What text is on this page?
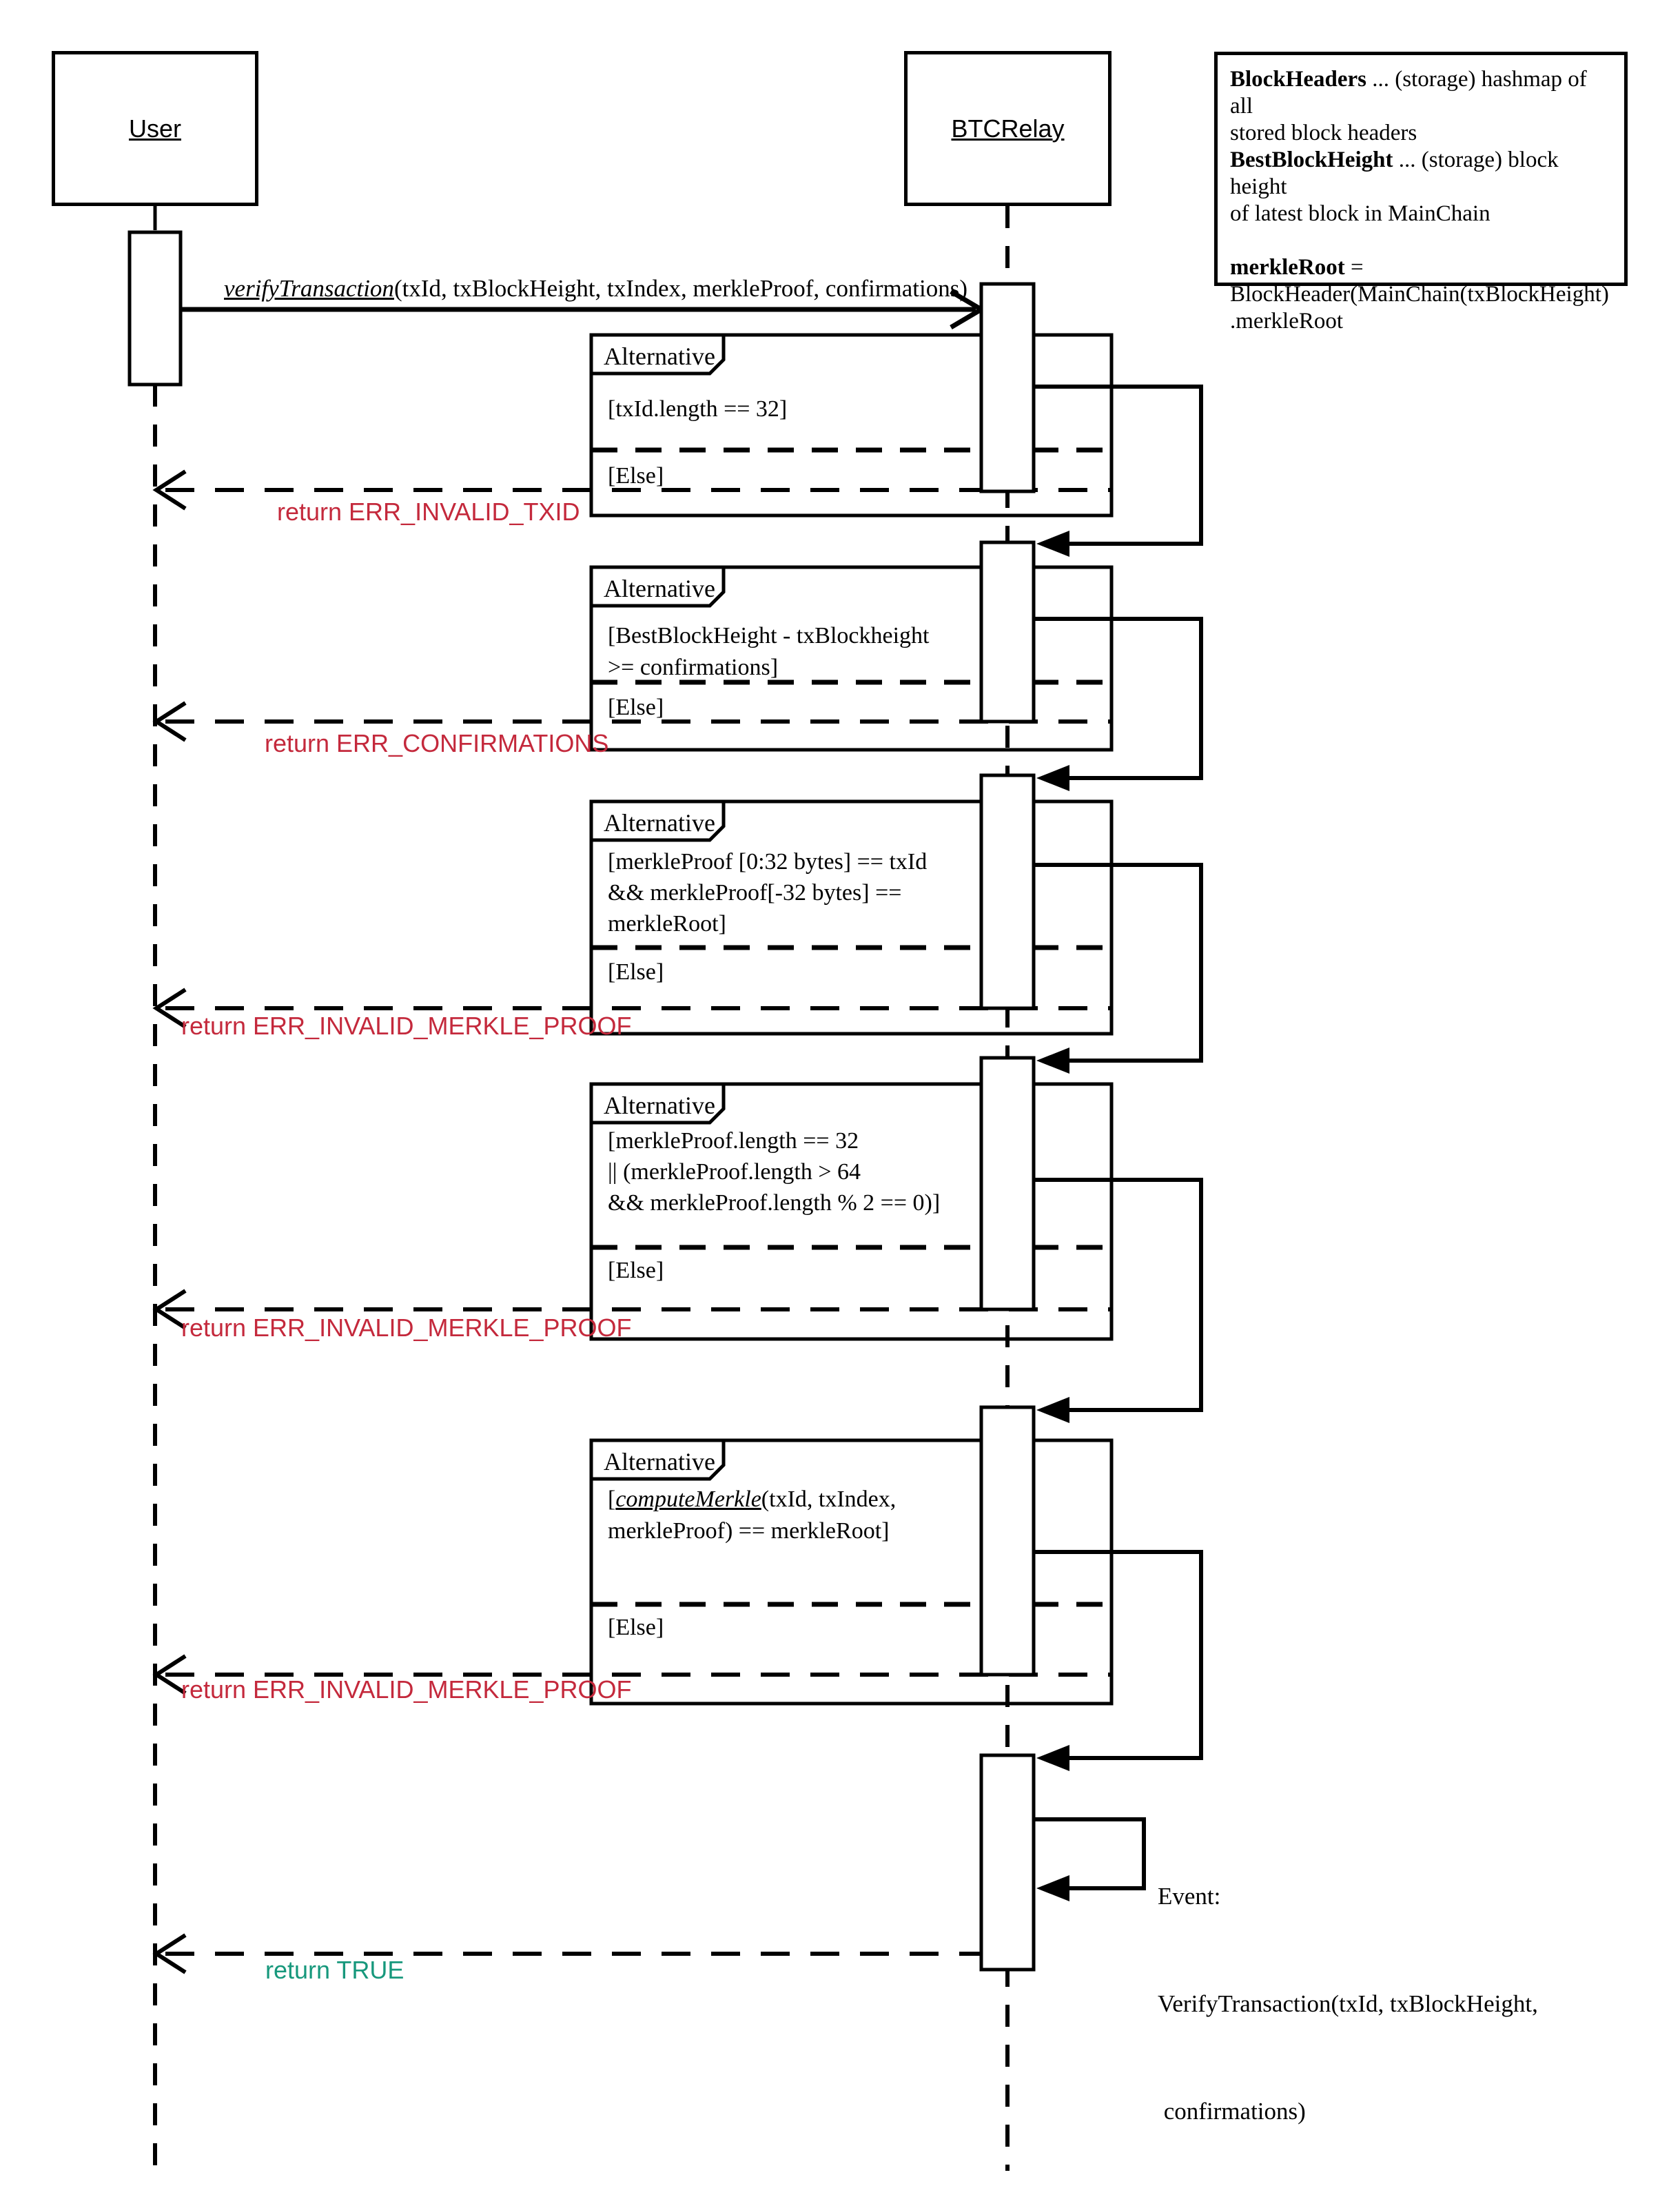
User	BTCRelay
BlockHeaders ... (storage) hashmap of all
stored block headers
BestBlockHeight ... (storage) block height
of latest block in MainChain

merkleRoot =
BlockHeader(MainChain(txBlockHeight)
.merkleRoot
verifyTransaction(txId, txBlockHeight, txIndex, merkleProof, confirmations)
Alternative
[txId.length == 32]
[Else]
return ERR_INVALID_TXID
Alternative
[BestBlockHeight - txBlockheight
>= confirmations]
[Else]
return ERR_CONFIRMATIONS
Alternative
[merkleProof [0:32 bytes] == txId
&& merkleProof[-32 bytes] ==
merkleRoot]
[Else]
return ERR_INVALID_MERKLE_PROOF
Alternative
[merkleProof.length == 32
|| (merkleProof.length > 64
&& merkleProof.length % 2 == 0)]
[Else]
return ERR_INVALID_MERKLE_PROOF
Alternative
[computeMerkle(txId, txIndex,
merkleProof) == merkleRoot]
[Else]
return ERR_INVALID_MERKLE_PROOF

Event:

VerifyTransaction(txId, txBlockHeight,

confirmations)

return TRUE
